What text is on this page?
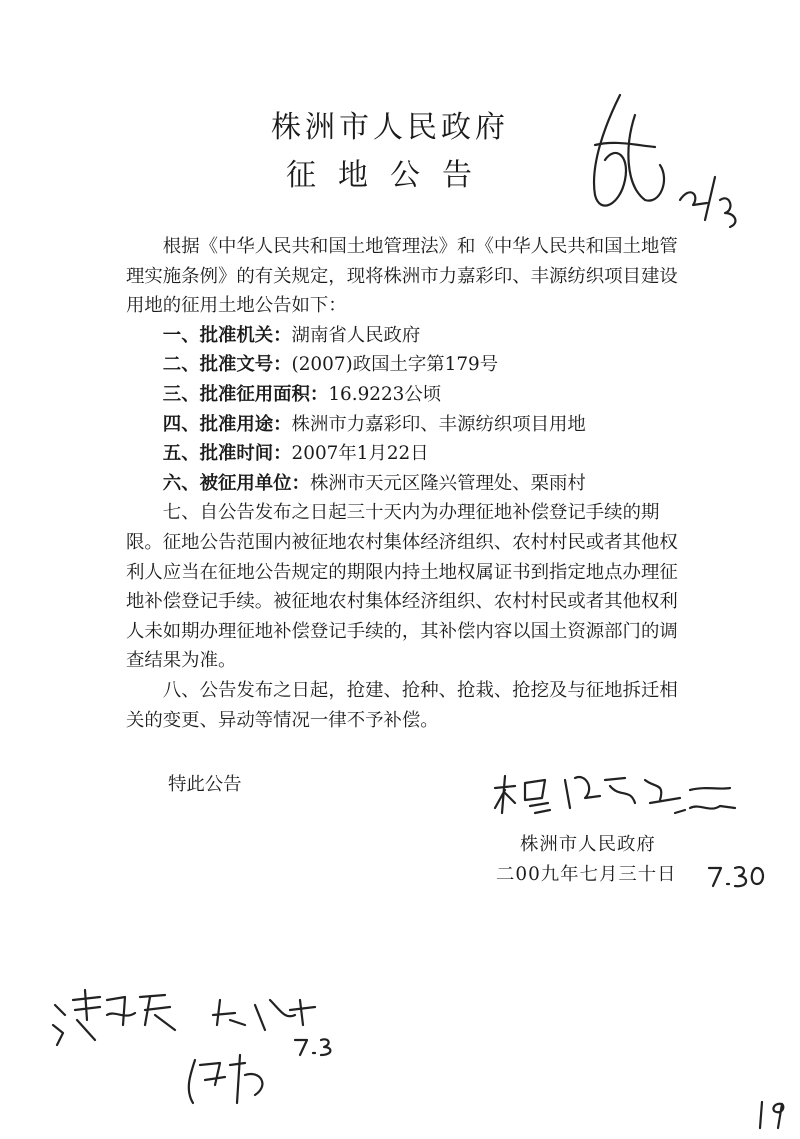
株洲市人民政府
征地公告

根据《中华人民共和国土地管理法》和《中华人民共和国土地管理实施条例》的有关规定，现将株洲市力嘉彩印、丰源纺织项目建设用地的征用土地公告如下：

一、批准机关：湖南省人民政府

二、批准文号：(2007)政国土字第179号

三、批准征用面积：16.9223公顷

四、批准用途：株洲市力嘉彩印、丰源纺织项目用地

五、批准时间：2007年1月22日

六、被征用单位：株洲市天元区隆兴管理处、栗雨村

七、自公告发布之日起三十天内为办理征地补偿登记手续的期限。征地公告范围内被征地农村集体经济组织、农村村民或者其他权利人应当在征地公告规定的期限内持土地权属证书到指定地点办理征地补偿登记手续。被征地农村集体经济组织、农村村民或者其他权利人未如期办理征地补偿登记手续的，其补偿内容以国土资源部门的调查结果为准。

八、公告发布之日起，抢建、抢种、抢栽、抢挖及与征地拆迁相关的变更、异动等情况一律不予补偿。

特此公告
株洲市人民政府
二00九年七月三十日
